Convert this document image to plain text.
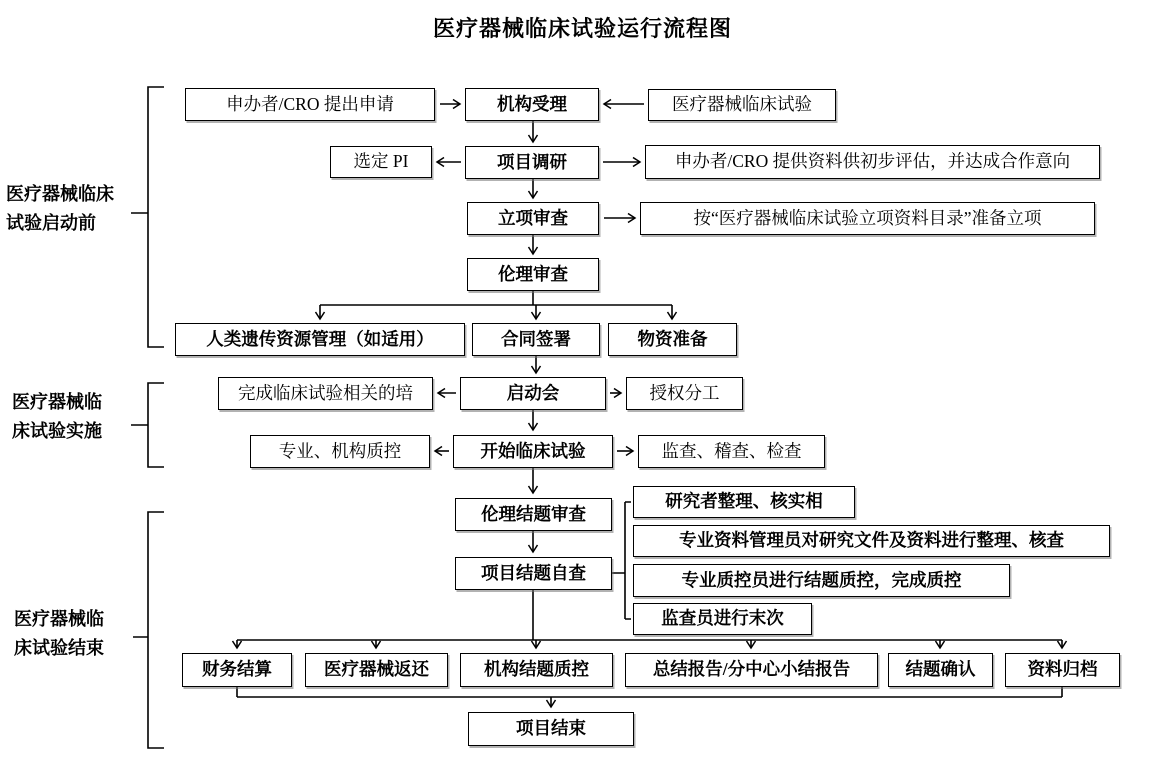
医疗器械临床试验运行流程图
医疗器械临床
试验启动前
医疗器械临
床试验实施
医疗器械临
床试验结束
申办者/CRO 提出申请	机构受理	医疗器械临床试验
选定 PI	项目调研	申办者/CRO 提供资料供初步评估，并达成合作意向
立项审查	按“医疗器械临床试验立项资料目录”准备立项
伦理审查
人类遗传资源管理（如适用）	合同签署	物资准备
完成临床试验相关的培	启动会	授权分工
专业、机构质控	开始临床试验	监查、稽查、检查
伦理结题审查
研究者整理、核实相
专业资料管理员对研究文件及资料进行整理、核查
项目结题自查	专业质控员进行结题质控，完成质控
监查员进行末次
财务结算	医疗器械返还	机构结题质控	总结报告/分中心小结报告	结题确认	资料归档
项目结束
